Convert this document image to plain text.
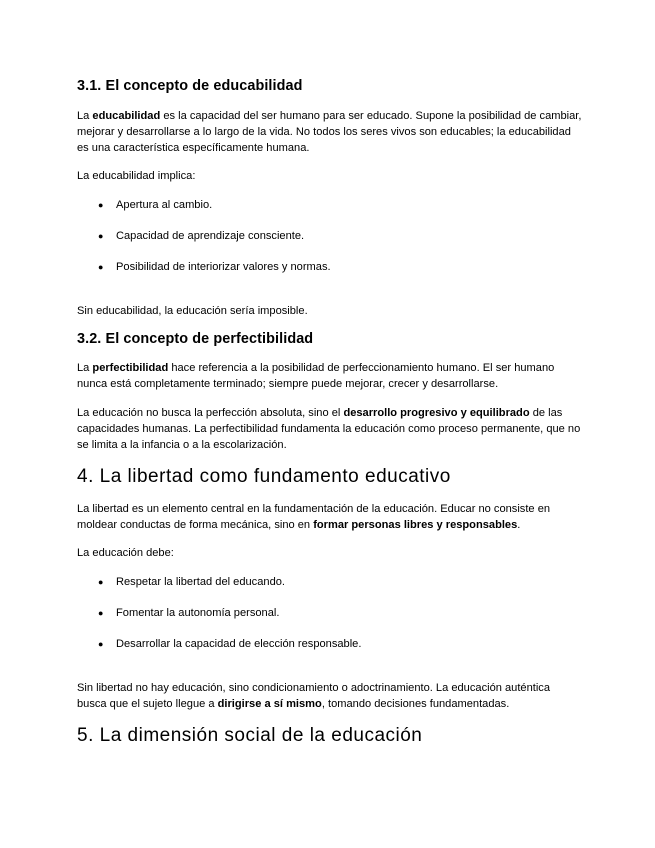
3.1. El concepto de educabilidad

La educabilidad es la capacidad del ser humano para ser educado. Supone la posibilidad de cambiar, mejorar y desarrollarse a lo largo de la vida. No todos los seres vivos son educables; la educabilidad es una característica específicamente humana.

La educabilidad implica:

● Apertura al cambio.
● Capacidad de aprendizaje consciente.
● Posibilidad de interiorizar valores y normas.

Sin educabilidad, la educación sería imposible.

3.2. El concepto de perfectibilidad

La perfectibilidad hace referencia a la posibilidad de perfeccionamiento humano. El ser humano nunca está completamente terminado; siempre puede mejorar, crecer y desarrollarse.

La educación no busca la perfección absoluta, sino el desarrollo progresivo y equilibrado de las capacidades humanas. La perfectibilidad fundamenta la educación como proceso permanente, que no se limita a la infancia o a la escolarización.

4. La libertad como fundamento educativo

La libertad es un elemento central en la fundamentación de la educación. Educar no consiste en moldear conductas de forma mecánica, sino en formar personas libres y responsables.

La educación debe:

● Respetar la libertad del educando.
● Fomentar la autonomía personal.
● Desarrollar la capacidad de elección responsable.

Sin libertad no hay educación, sino condicionamiento o adoctrinamiento. La educación auténtica busca que el sujeto llegue a dirigirse a sí mismo, tomando decisiones fundamentadas.

5. La dimensión social de la educación
